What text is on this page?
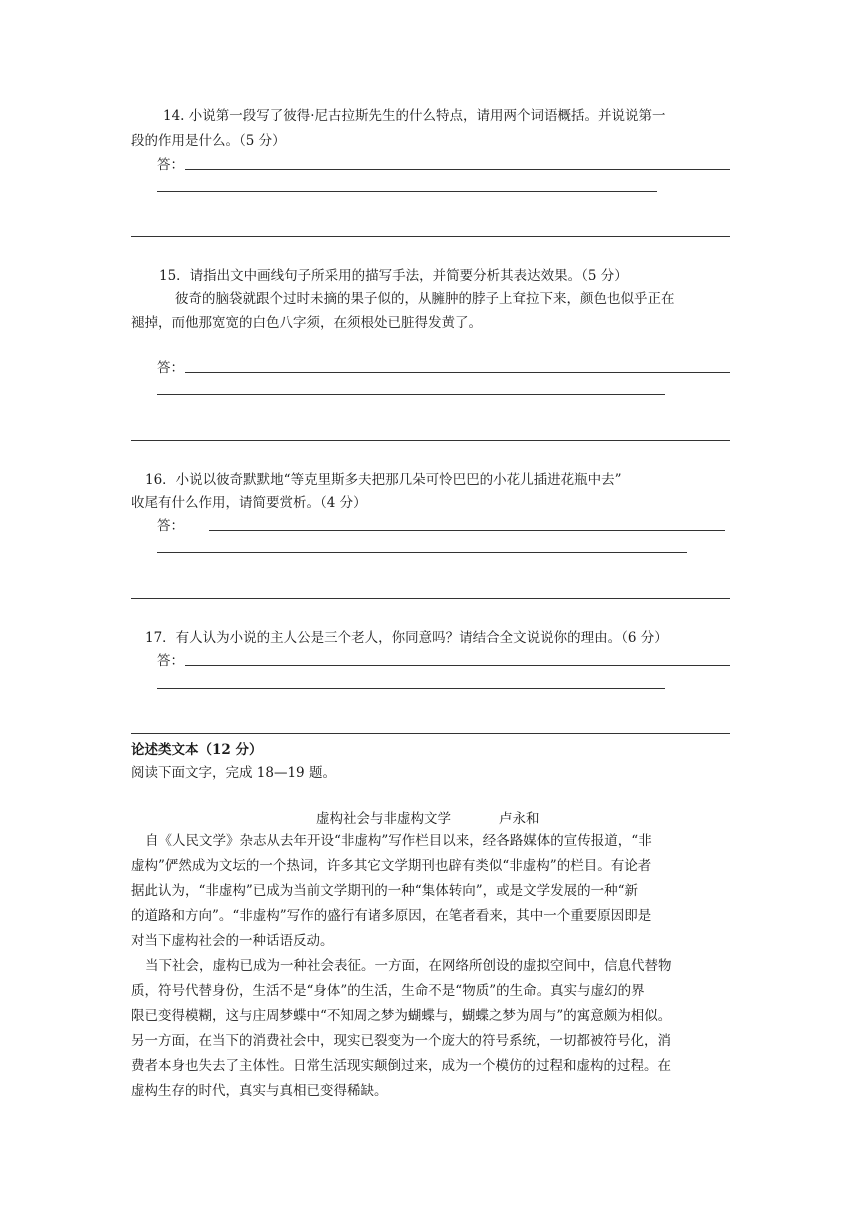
14. 小说第一段写了彼得·尼古拉斯先生的什么特点，请用两个词语概括。并说说第一
段的作用是什么。（5 分）
答：
15．请指出文中画线句子所采用的描写手法，并简要分析其表达效果。（5 分）
彼奇的脑袋就跟个过时未摘的果子似的，从臃肿的脖子上耷拉下来，颜色也似乎正在
褪掉，而他那宽宽的白色八字须，在须根处已脏得发黄了。
答：
16．小说以彼奇默默地“等克里斯多夫把那几朵可怜巴巴的小花儿插进花瓶中去”
收尾有什么作用，请简要赏析。（4 分）
答：
17．有人认为小说的主人公是三个老人，你同意吗？请结合全文说说你的理由。（6 分）
答：
论述类文本（12 分）
阅读下面文字，完成 18—19 题。
虚构社会与非虚构文学	卢永和
自《人民文学》杂志从去年开设“非虚构”写作栏目以来，经各路媒体的宣传报道，“非
虚构”俨然成为文坛的一个热词，许多其它文学期刊也辟有类似“非虚构”的栏目。有论者
据此认为，“非虚构”已成为当前文学期刊的一种“集体转向”，或是文学发展的一种“新
的道路和方向”。“非虚构”写作的盛行有诸多原因，在笔者看来，其中一个重要原因即是
对当下虚构社会的一种话语反动。
当下社会，虚构已成为一种社会表征。一方面，在网络所创设的虚拟空间中，信息代替物
质，符号代替身份，生活不是“身体”的生活，生命不是“物质”的生命。真实与虚幻的界
限已变得模糊，这与庄周梦蝶中“不知周之梦为蝴蝶与，蝴蝶之梦为周与”的寓意颇为相似。
另一方面，在当下的消费社会中，现实已裂变为一个庞大的符号系统，一切都被符号化，消
费者本身也失去了主体性。日常生活现实颠倒过来，成为一个模仿的过程和虚构的过程。在
虚构生存的时代，真实与真相已变得稀缺。
